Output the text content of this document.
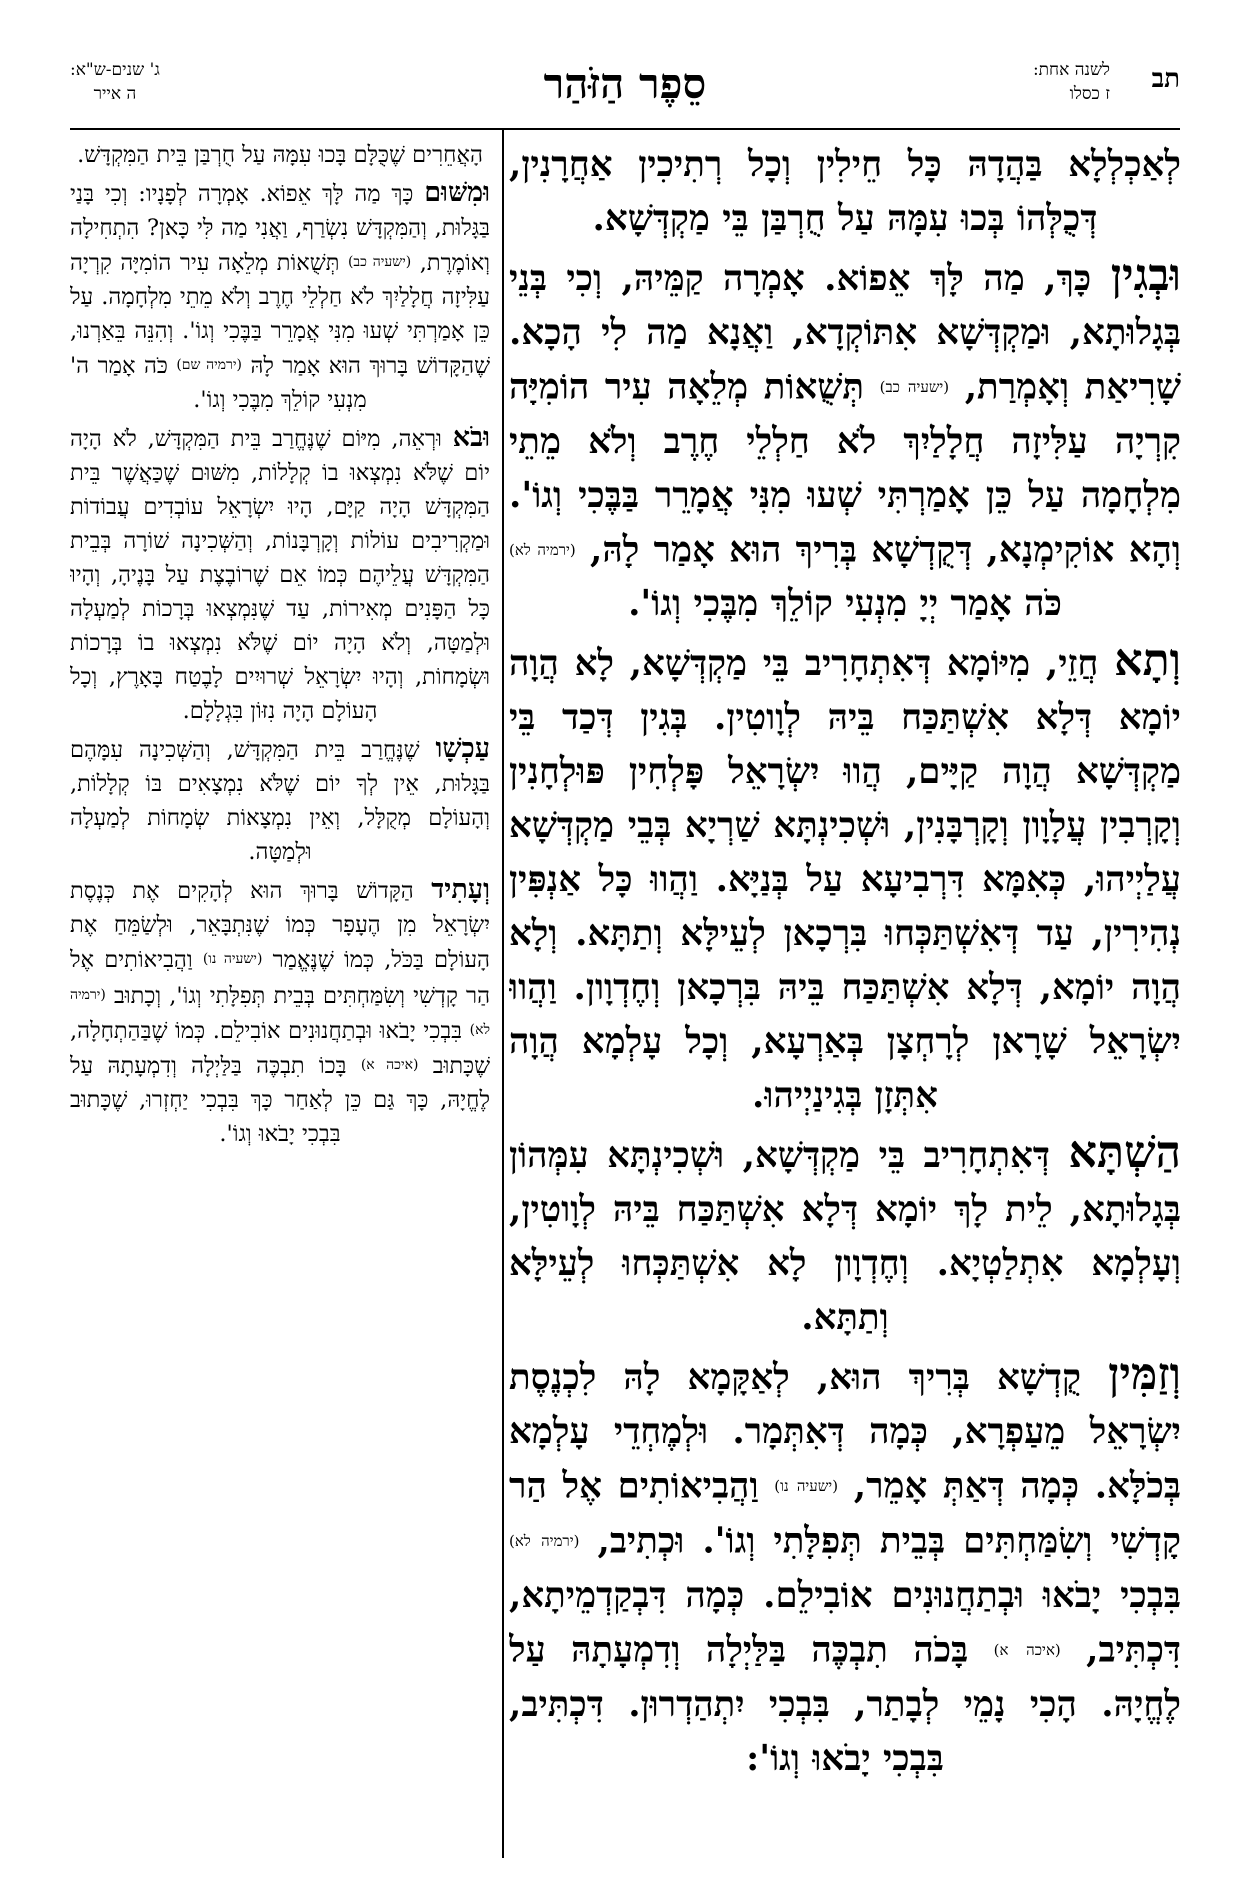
תב
לשנה אחת:
ז כסלו
סֵפֶר הַזֹּהַר
ג' שנים-ש"א:
ה אייר

לְאַכְלְלָא בַּהֲדָהּ כָּל חֵילִין וְכָל רְתִיכִין אַחֲרָנִין, דְּכֻלְּהוֹ בְּכוּ עִמָּהּ עַל חֻרְבַּן בֵּי מַקְדְּשָׁא.

וּבְגִין כָּךְ, מַה לָּךְ אֵפוֹא. אָמְרָה קַמֵּיהּ, וְכִי בְּנֵי בְּגָלוּתָא, וּמַקְדְּשָׁא אִתּוֹקְדָא, וַאֲנָא מַה לִי הָכָא. שָׁרִיאַת וְאָמְרַת, (ישעיה כב) תְּשֻׁאוֹת מְלֵאָה עִיר הוֹמִיָּה קִרְיָה עַלִּיזָה חֲלָלַיִךְ לֹא חַלְלֵי חֶרֶב וְלֹא מֵתֵי מִלְחָמָה עַל כֵּן אָמַרְתִּי שְׁעוּ מִנִּי אֲמָרֵר בַּבֶּכִי וְגוֹ'. וְהָא אוֹקִימְנָא, דְּקֻדְשָׁא בְּרִיךְ הוּא אָמַר לָהּ, (ירמיה לא) כֹּה אָמַר יְיָ מִנְעִי קוֹלֵךְ מִבֶּכִי וְגוֹ'.

וְתָא חֲזֵי, מִיּוֹמָא דְּאִתְחָרִיב בֵּי מַקְדְּשָׁא, לָא הֲוָה יוֹמָא דְּלָא אִשְׁתַּכַּח בֵּיהּ לְוָוטִין. בְּגִין דְּכַד בֵּי מַקְדְּשָׁא הֲוָה קַיָּים, הֲווּ יִשְׂרָאֵל פָּלְחִין פּוּלְחָנִין וְקָרְבִין עֲלָוָון וְקָרְבָּנִין, וּשְׁכִינְתָּא שַׁרְיָא בְּבֵי מַקְדְּשָׁא עֲלַיְיהוּ, כְּאִמָּא דִּרְבִיעָא עַל בְּנַיָּא. וַהֲווּ כָּל אַנְפִּין נְהִירִין, עַד דְּאִשְׁתַּכְּחוּ בִּרְכָאן לְעֵילָּא וְתַתָּא. וְלָא הֲוָה יוֹמָא, דְּלָא אִשְׁתַּכַּח בֵּיהּ בִּרְכָאן וְחֶדְוָון. וַהֲווּ יִשְׂרָאֵל שָׁרָאן לְרָחְצָן בְּאַרְעָא, וְכָל עָלְמָא הֲוָה אִתְּזָן בְּגִינַיְיהוּ.

הַשְׁתָּא דְּאִתְחָרִיב בֵּי מַקְדְּשָׁא, וּשְׁכִינְתָּא עִמְּהוֹן בְּגָלוּתָא, לֵית לָךְ יוֹמָא דְּלָא אִשְׁתַּכַּח בֵּיהּ לְוָוטִין, וְעָלְמָא אִתְלַטְיָא. וְחֶדְוָון לָא אִשְׁתַּכְּחוּ לְעֵילָּא וְתַתָּא.

וְזַמִּין קֻדְשָׁא בְּרִיךְ הוּא, לְאַקָּמָא לָהּ לִכְנֶסֶת יִשְׂרָאֵל מֵעַפְרָא, כְּמָה דְּאִתְּמָר. וּלְמֶחְדֵי עָלְמָא בְּכֹלָּא. כְּמָה דְּאַתְּ אָמֵר, (ישעיה נו) וַהֲבִיאוֹתִים אֶל הַר קָדְשִׁי וְשִׂמַּחְתִּים בְּבֵית תְּפִלָּתִי וְגוֹ'. וּכְתִיב, (ירמיה לא) בִּבְכִי יָבֹאוּ וּבְתַחֲנוּנִים אוֹבִילֵם. כְּמָה דִּבְקַדְמֵיתָא, דִּכְתִּיב, (איכה א) בָּכֹה תִבְכֶּה בַּלַּיְלָה וְדִמְעָתָהּ עַל לֶחֱיָהּ. הָכִי נָמֵי לְבָתַר, בִּבְכִי יִתְהַדְרוּן. דִּכְתִּיב, בִּבְכִי יָבֹאוּ וְגוֹ':

הָאֲחֵרִים שֶׁכֻּלָּם בָּכוּ עִמָּהּ עַל חֻרְבַּן בֵּית הַמִּקְדָּשׁ.

וּמִשּׁוּם כָּךְ מַה לָּךְ אֵפוֹא. אָמְרָה לְפָנָיו: וְכִי בָּנַי בַּגָּלוּת, וְהַמִּקְדָּשׁ נִשְׂרַף, וַאֲנִי מַה לִּי כָּאן? הִתְחִילָה וְאוֹמֶרֶת, (ישעיה כב) תְּשֻׁאוֹת מְלֵאָה עִיר הוֹמִיָּה קִרְיָה עַלִּיזָה חֲלָלַיִךְ לֹא חַלְלֵי חֶרֶב וְלֹא מֵתֵי מִלְחָמָה. עַל כֵּן אָמַרְתִּי שְׁעוּ מִנִּי אֲמָרֵר בַּבֶּכִי וְגוֹ'. וְהִנֵּה בֵּאַרְנוּ, שֶׁהַקָּדוֹשׁ בָּרוּךְ הוּא אָמַר לָהּ (ירמיה שם) כֹּה אָמַר ה' מִנְעִי קוֹלֵךְ מִבֶּכִי וְגוֹ'.

וּבֹא וּרְאֵה, מִיּוֹם שֶׁנֶּחֱרַב בֵּית הַמִּקְדָּשׁ, לֹא הָיָה יוֹם שֶׁלֹּא נִמְצְאוּ בוֹ קְלָלוֹת, מִשּׁוּם שֶׁכַּאֲשֶׁר בֵּית הַמִּקְדָּשׁ הָיָה קַיָּם, הָיוּ יִשְׂרָאֵל עוֹבְדִים עֲבוֹדוֹת וּמַקְרִיבִים עוֹלוֹת וְקָרְבָּנוֹת, וְהַשְּׁכִינָה שׁוֹרָה בְּבֵית הַמִּקְדָּשׁ עֲלֵיהֶם כְּמוֹ אֵם שֶׁרוֹבֶצֶת עַל בָּנֶיהָ, וְהָיוּ כָּל הַפָּנִים מְאִירוֹת, עַד שֶׁנִּמְצְאוּ בְּרָכוֹת לְמַעְלָה וּלְמַטָּה, וְלֹא הָיָה יוֹם שֶׁלֹּא נִמְצְאוּ בוֹ בְּרָכוֹת וּשְׂמָחוֹת, וְהָיוּ יִשְׂרָאֵל שְׁרוּיִים לָבֶטַח בָּאָרֶץ, וְכָל הָעוֹלָם הָיָה נִזּוֹן בִּגְלָלָם.

עַכְשָׁו שֶׁנֶּחֱרַב בֵּית הַמִּקְדָּשׁ, וְהַשְּׁכִינָה עִמָּהֶם בַּגָּלוּת, אֵין לְךָ יוֹם שֶׁלֹּא נִמְצָאִים בּוֹ קְלָלוֹת, וְהָעוֹלָם מְקֻלָּל, וְאֵין נִמְצָאוֹת שְׂמָחוֹת לְמַעְלָה וּלְמַטָּה.

וְעָתִיד הַקָּדוֹשׁ בָּרוּךְ הוּא לְהָקִים אֶת כְּנֶסֶת יִשְׂרָאֵל מִן הֶעָפָר כְּמוֹ שֶׁנִּתְבָּאֵר, וּלְשַׂמֵּחַ אֶת הָעוֹלָם בַּכֹּל, כְּמוֹ שֶׁנֶּאֱמַר (ישעיה נו) וַהֲבִיאוֹתִים אֶל הַר קָדְשִׁי וְשִׂמַּחְתִּים בְּבֵית תְּפִלָּתִי וְגוֹ', וְכָתוּב (ירמיה לא) בִּבְכִי יָבֹאוּ וּבְתַחֲנוּנִים אוֹבִילֵם. כְּמוֹ שֶׁבַּהַתְחָלָה, שֶׁכָּתוּב (איכה א) בָּכוֹ תִבְכֶּה בַּלַּיְלָה וְדִמְעָתָהּ עַל לֶחֱיָהּ, כָּךְ גַּם כֵּן לְאַחַר כָּךְ בִּבְכִי יַחְזְרוּ, שֶׁכָּתוּב בִּבְכִי יָבֹאוּ וְגוֹ'.
